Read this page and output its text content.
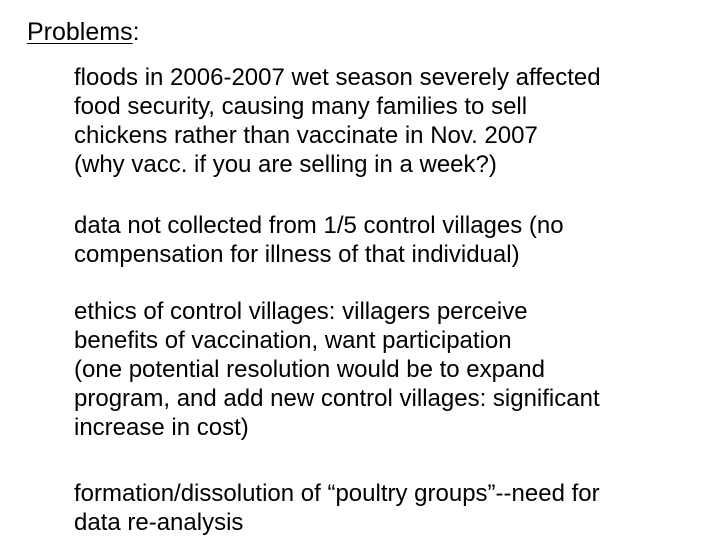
Problems:
floods in 2006-2007 wet season severely affected
food security, causing many families to sell
chickens rather than vaccinate in Nov. 2007
(why vacc. if you are selling in a week?)
data not collected from 1/5 control villages (no
compensation for illness of that individual)
ethics of control villages: villagers perceive
benefits of vaccination, want participation
(one potential resolution would be to expand
program, and add new control villages: significant
increase in cost)
formation/dissolution of “poultry groups”--need for
data re-analysis
